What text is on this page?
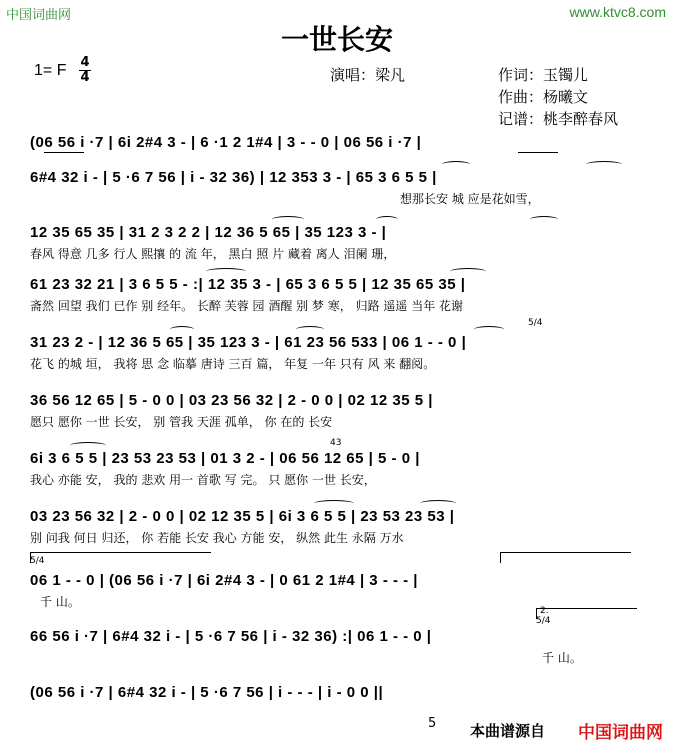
中国词曲网	www.ktvc8.com
一世长安
1= F 4
4	演唱：梁凡	作词：玉镯儿
作曲：杨曦文
记谱：桃李醉春风
(06 56 i ·7 | 6i 2#4 3 - | 6 ·1 2 1#4 | 3 - - 0 | 06 56 i ·7 |
6#4 32 i - | 5 ·6 7 56 | i - 32 36) | 12 353 3 - | 65 3 6 5 5 |
想那长安 城 应是花如雪，
12 35 65 35 | 31 2 3 2 2 | 12 36 5 65 | 35 123 3 - |
春风 得意 几多 行人 熙攘 的 流 年， 黑白 照 片 藏着 离人 泪阑 珊，
61 23 32 21 | 3 6 5 5 - :| 12 35 3 - | 65 3 6 5 5 | 12 35 65 35 |
斋然 回望 我们 已作 别 经年。 长醉 芙蓉 园 酒醒 别 梦 寒， 归路 遥遥 当年 花谢
31 23 2 - | 12 36 5 65 | 35 123 3 - | 61 23 56 533 | 06 1 - - 0 |
花飞 的城 垣， 我将 思 念 临摹 唐诗 三百 篇， 年复 一年 只有 风 来 翻阅。
5/4
36 56 12 65 | 5 - 0 0 | 03 23 56 32 | 2 - 0 0 | 02 12 35 5 |
愿只 愿你 一世 长安， 别 管我 天涯 孤单， 你 在的 长安
6i 3 6 5 5 | 23 53 23 53 | 01 3 2 - | 06 56 12 65 | 5 - 0 |
我心 亦能 安， 我的 悲欢 用一 首歌 写 完。 只 愿你 一世 长安，
43
03 23 56 32 | 2 - 0 0 | 02 12 35 5 | 6i 3 6 5 5 | 23 53 23 53 |
别 问我 何日 归还， 你 若能 长安 我心 方能 安， 纵然 此生 永隔 万水
5/4
06 1 - - 0 | (06 56 i ·7 | 6i 2#4 3 - | 0 61 2 1#4 | 3 - - - |
千 山。
66 56 i ·7 | 6#4 32 i - | 5 ·6 7 56 | i - 32 36) :| 06 1 - - 0 |
千 山。
2.
5/4
(06 56 i ·7 | 6#4 32 i - | 5 ·6 7 56 | i - - - | i - 0 0 ||
5 本曲谱源自 中国词曲网
